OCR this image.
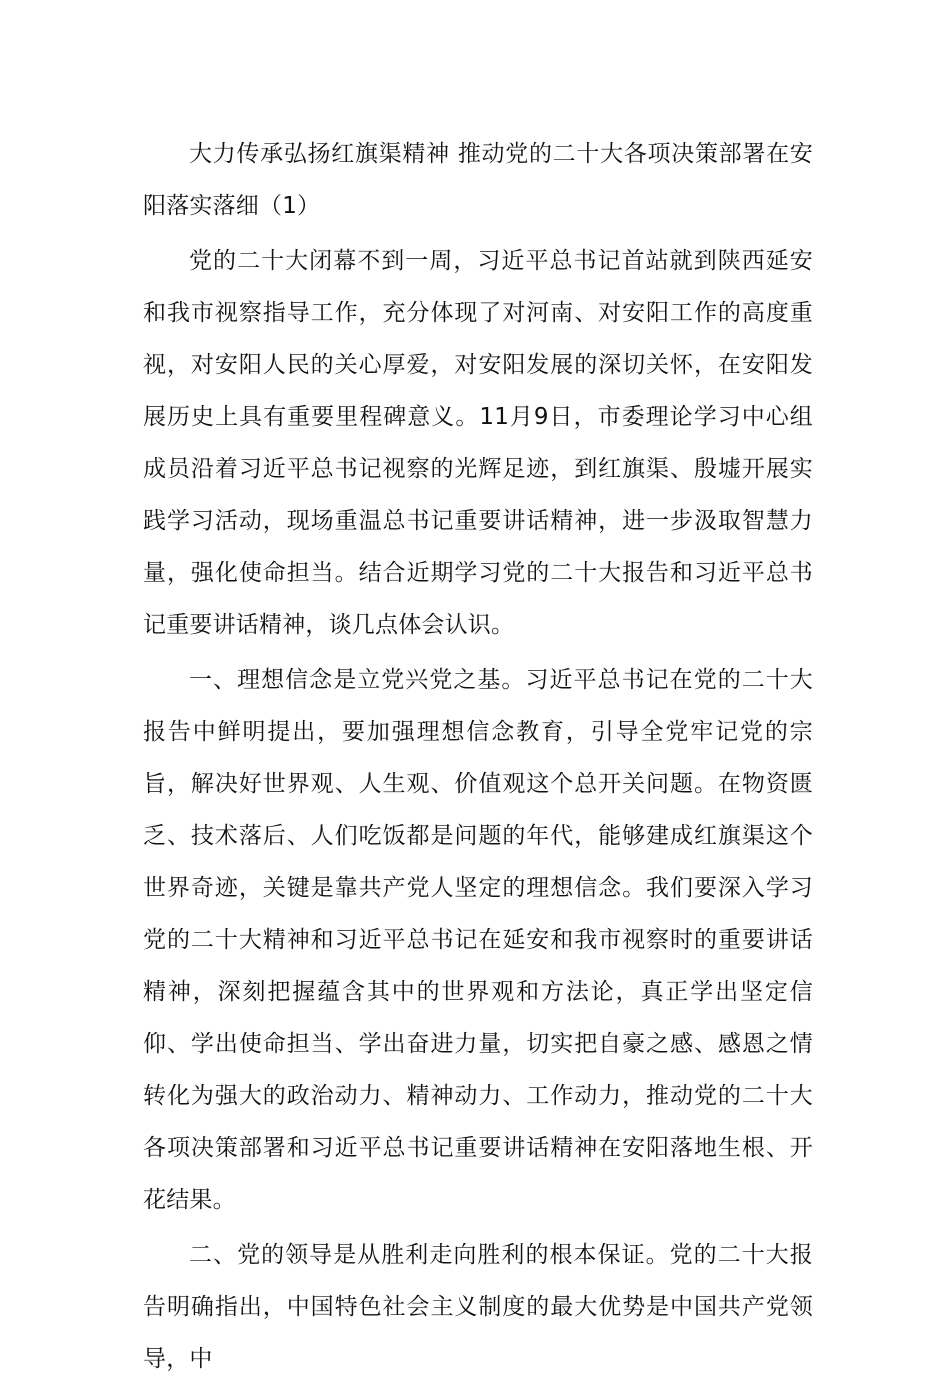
大力传承弘扬红旗渠精神 推动党的二十大各项决策部署在安阳落实落细（1）

党的二十大闭幕不到一周，习近平总书记首站就到陕西延安和我市视察指导工作，充分体现了对河南、对安阳工作的高度重视，对安阳人民的关心厚爱，对安阳发展的深切关怀，在安阳发展历史上具有重要里程碑意义。11月9日，市委理论学习中心组成员沿着习近平总书记视察的光辉足迹，到红旗渠、殷墟开展实践学习活动，现场重温总书记重要讲话精神，进一步汲取智慧力量，强化使命担当。结合近期学习党的二十大报告和习近平总书记重要讲话精神，谈几点体会认识。

一、理想信念是立党兴党之基。习近平总书记在党的二十大报告中鲜明提出，要加强理想信念教育，引导全党牢记党的宗旨，解决好世界观、人生观、价值观这个总开关问题。在物资匮乏、技术落后、人们吃饭都是问题的年代，能够建成红旗渠这个世界奇迹，关键是靠共产党人坚定的理想信念。我们要深入学习党的二十大精神和习近平总书记在延安和我市视察时的重要讲话精神，深刻把握蕴含其中的世界观和方法论，真正学出坚定信仰、学出使命担当、学出奋进力量，切实把自豪之感、感恩之情转化为强大的政治动力、精神动力、工作动力，推动党的二十大各项决策部署和习近平总书记重要讲话精神在安阳落地生根、开花结果。

二、党的领导是从胜利走向胜利的根本保证。党的二十大报告明确指出，中国特色社会主义制度的最大优势是中国共产党领导，中
